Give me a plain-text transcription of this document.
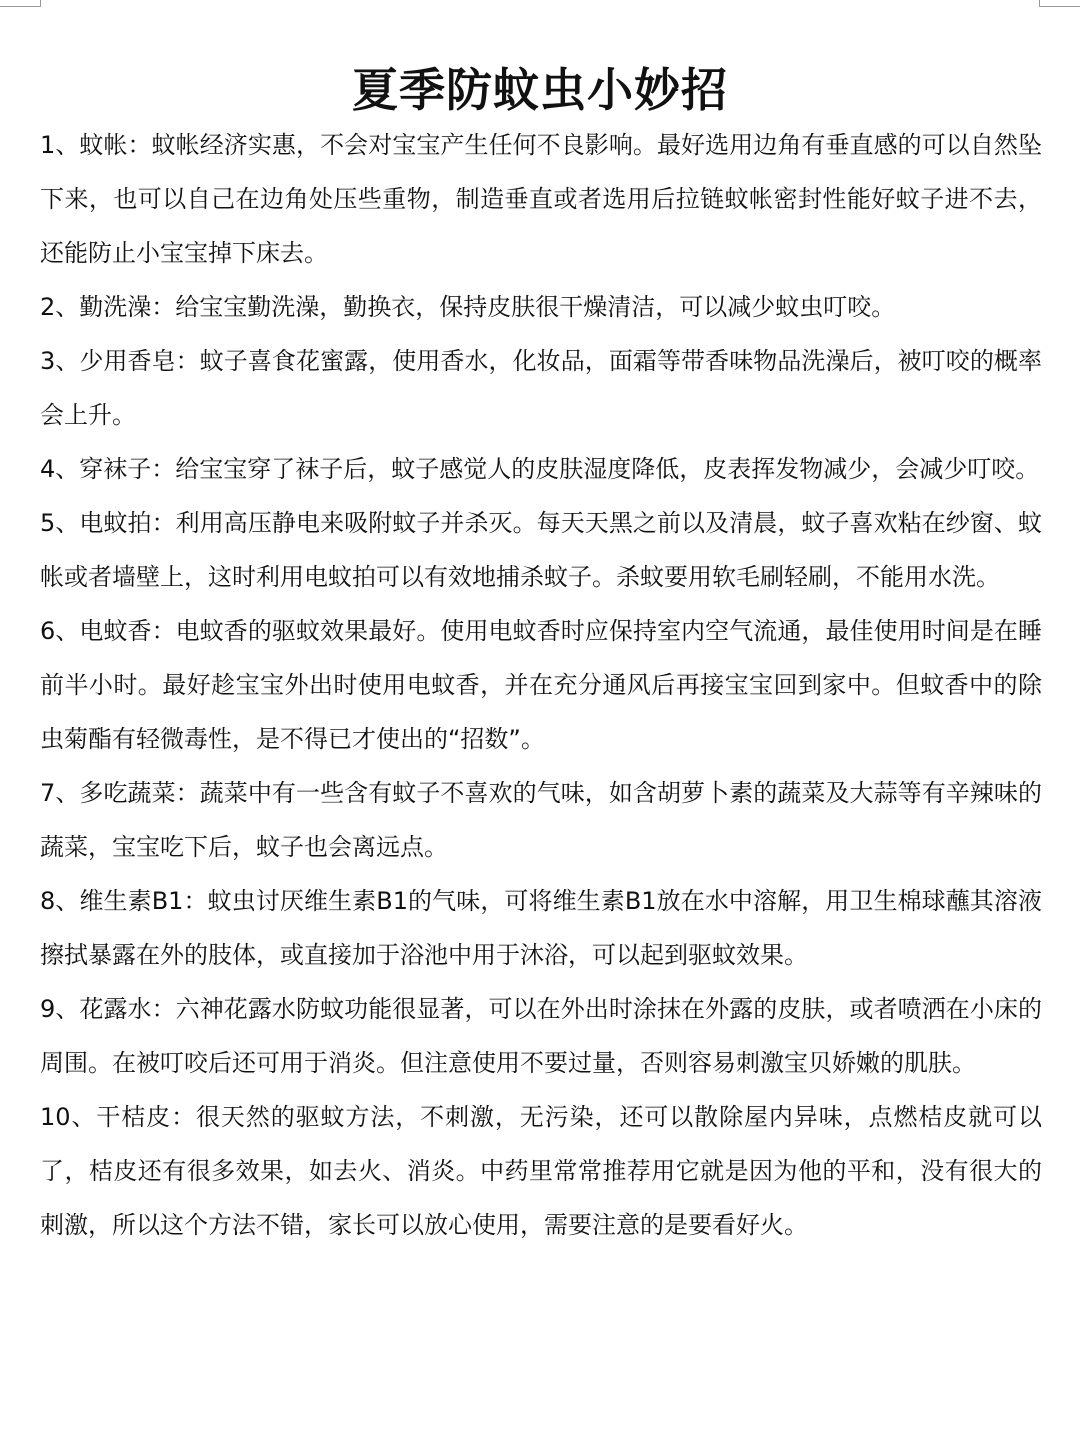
夏季防蚊虫小妙招
1、蚊帐：蚊帐经济实惠，不会对宝宝产生任何不良影响。最好选用边角有垂直感的可以自然坠下来，也可以自己在边角处压些重物，制造垂直或者选用后拉链蚊帐密封性能好蚊子进不去，还能防止小宝宝掉下床去。
2、勤洗澡：给宝宝勤洗澡，勤换衣，保持皮肤很干燥清洁，可以减少蚊虫叮咬。
3、少用香皂：蚊子喜食花蜜露，使用香水，化妆品，面霜等带香味物品洗澡后，被叮咬的概率会上升。
4、穿袜子：给宝宝穿了袜子后，蚊子感觉人的皮肤湿度降低，皮表挥发物减少，会减少叮咬。
5、电蚊拍：利用高压静电来吸附蚊子并杀灭。每天天黑之前以及清晨，蚊子喜欢粘在纱窗、蚊帐或者墙壁上，这时利用电蚊拍可以有效地捕杀蚊子。杀蚊要用软毛刷轻刷，不能用水洗。
6、电蚊香：电蚊香的驱蚊效果最好。使用电蚊香时应保持室内空气流通，最佳使用时间是在睡前半小时。最好趁宝宝外出时使用电蚊香，并在充分通风后再接宝宝回到家中。但蚊香中的除虫菊酯有轻微毒性，是不得已才使出的“招数”。
7、多吃蔬菜：蔬菜中有一些含有蚊子不喜欢的气味，如含胡萝卜素的蔬菜及大蒜等有辛辣味的蔬菜，宝宝吃下后，蚊子也会离远点。
8、维生素B1：蚊虫讨厌维生素B1的气味，可将维生素B1放在水中溶解，用卫生棉球蘸其溶液擦拭暴露在外的肢体，或直接加于浴池中用于沐浴，可以起到驱蚊效果。
9、花露水：六神花露水防蚊功能很显著，可以在外出时涂抹在外露的皮肤，或者喷洒在小床的周围。在被叮咬后还可用于消炎。但注意使用不要过量，否则容易刺激宝贝娇嫩的肌肤。
10、干桔皮：很天然的驱蚊方法，不刺激，无污染，还可以散除屋内异味，点燃桔皮就可以了，桔皮还有很多效果，如去火、消炎。中药里常常推荐用它就是因为他的平和，没有很大的刺激，所以这个方法不错，家长可以放心使用，需要注意的是要看好火。
